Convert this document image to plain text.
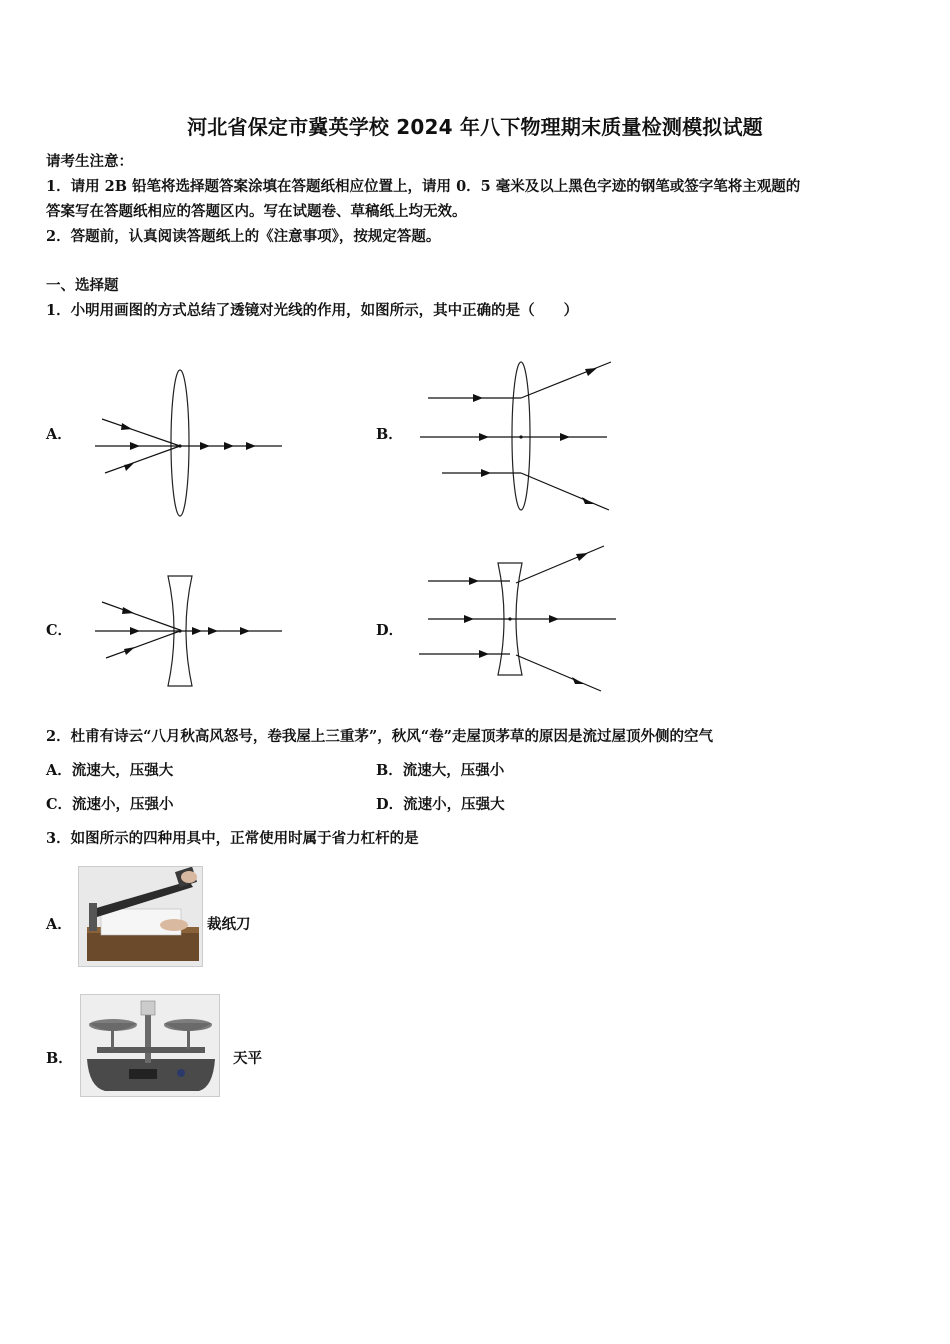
河北省保定市冀英学校 2024 年八下物理期末质量检测模拟试题
请考生注意：
1．请用 2B 铅笔将选择题答案涂填在答题纸相应位置上，请用 0．5 毫米及以上黑色字迹的钢笔或签字笔将主观题的
答案写在答题纸相应的答题区内。写在试题卷、草稿纸上均无效。
2．答题前，认真阅读答题纸上的《注意事项》，按规定答题。
一、选择题
1．小明用画图的方式总结了透镜对光线的作用，如图所示，其中正确的是（　　）
A．	B．
C．	D．
2．杜甫有诗云“八月秋高风怒号，卷我屋上三重茅”，秋风“卷”走屋顶茅草的原因是流过屋顶外侧的空气
A．流速大，压强大	B．流速大，压强小
C．流速小，压强小	D．流速小，压强大
3．如图所示的四种用具中，正常使用时属于省力杠杆的是
A．	裁纸刀
B．	天平
